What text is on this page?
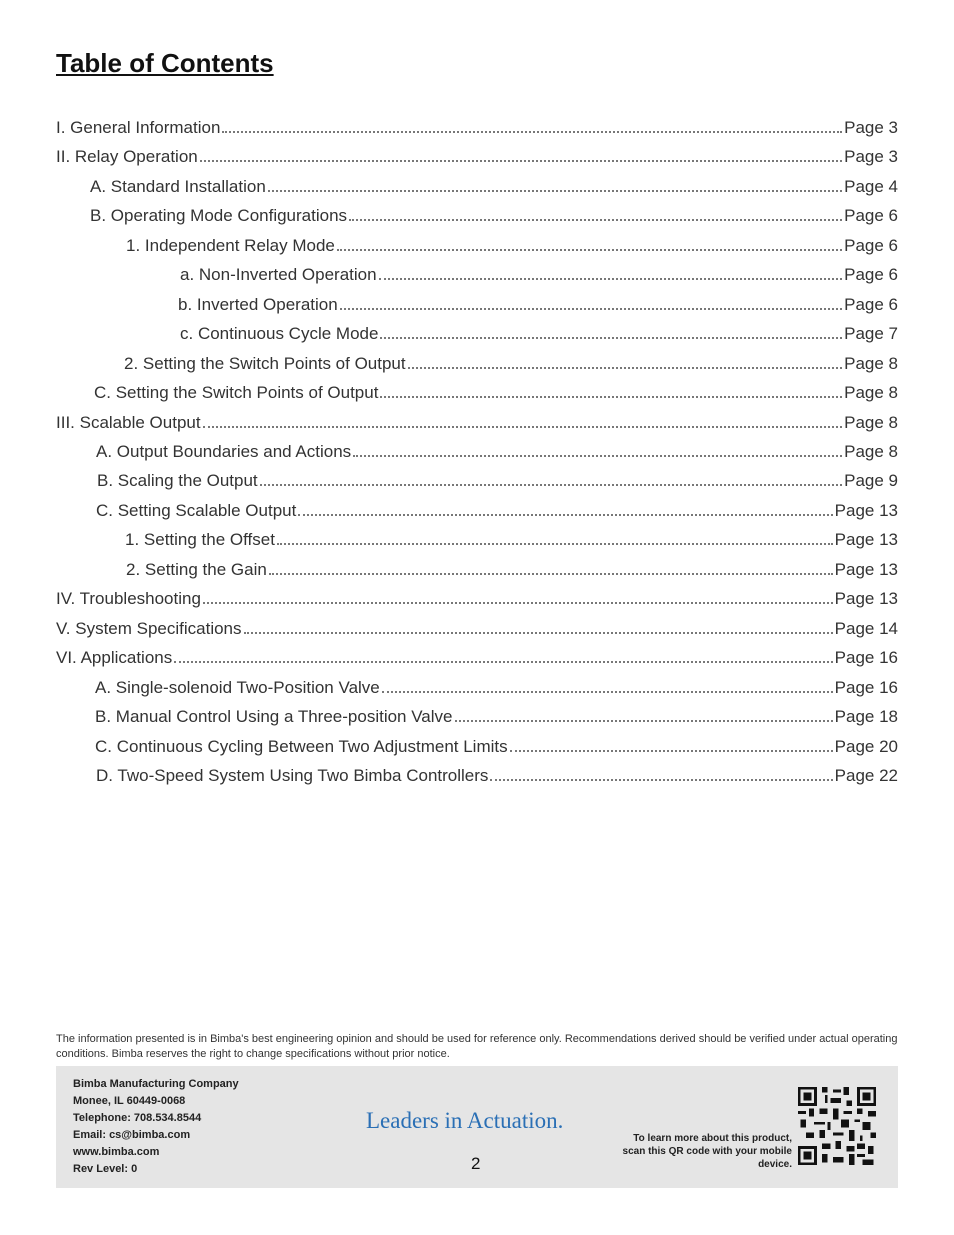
Table of Contents
I. General Information	Page 3
II. Relay Operation	Page 3
A. Standard Installation	Page 4
B. Operating Mode Configurations	Page 6
1. Independent Relay Mode	Page 6
a. Non-Inverted Operation	Page 6
b. Inverted Operation	Page 6
c. Continuous Cycle Mode	Page 7
2. Setting the Switch Points of Output	Page 8
C. Setting the Switch Points of Output	Page 8
III. Scalable Output	Page 8
A. Output Boundaries and Actions	Page 8
B. Scaling the Output	Page 9
C. Setting Scalable Output	Page 13
1. Setting the Offset	Page 13
2. Setting the Gain	Page 13
IV. Troubleshooting	Page 13
V. System Specifications	Page 14
VI. Applications	Page 16
A. Single-solenoid Two-Position Valve	Page 16
B. Manual Control Using a Three-position Valve	Page 18
C. Continuous Cycling Between Two Adjustment Limits	Page 20
D. Two-Speed System Using Two Bimba Controllers	Page 22
The information presented is in Bimba's best engineering opinion and should be used for reference only. Recommendations derived should be verified under actual operating conditions. Bimba reserves the right to change specifications without prior notice.
Bimba Manufacturing Company
Monee, IL 60449-0068
Telephone: 708.534.8544
Email: cs@bimba.com
www.bimba.com
Rev Level: 0
Leaders in Actuation.
2
To learn more about this product, scan this QR code with your mobile device.
